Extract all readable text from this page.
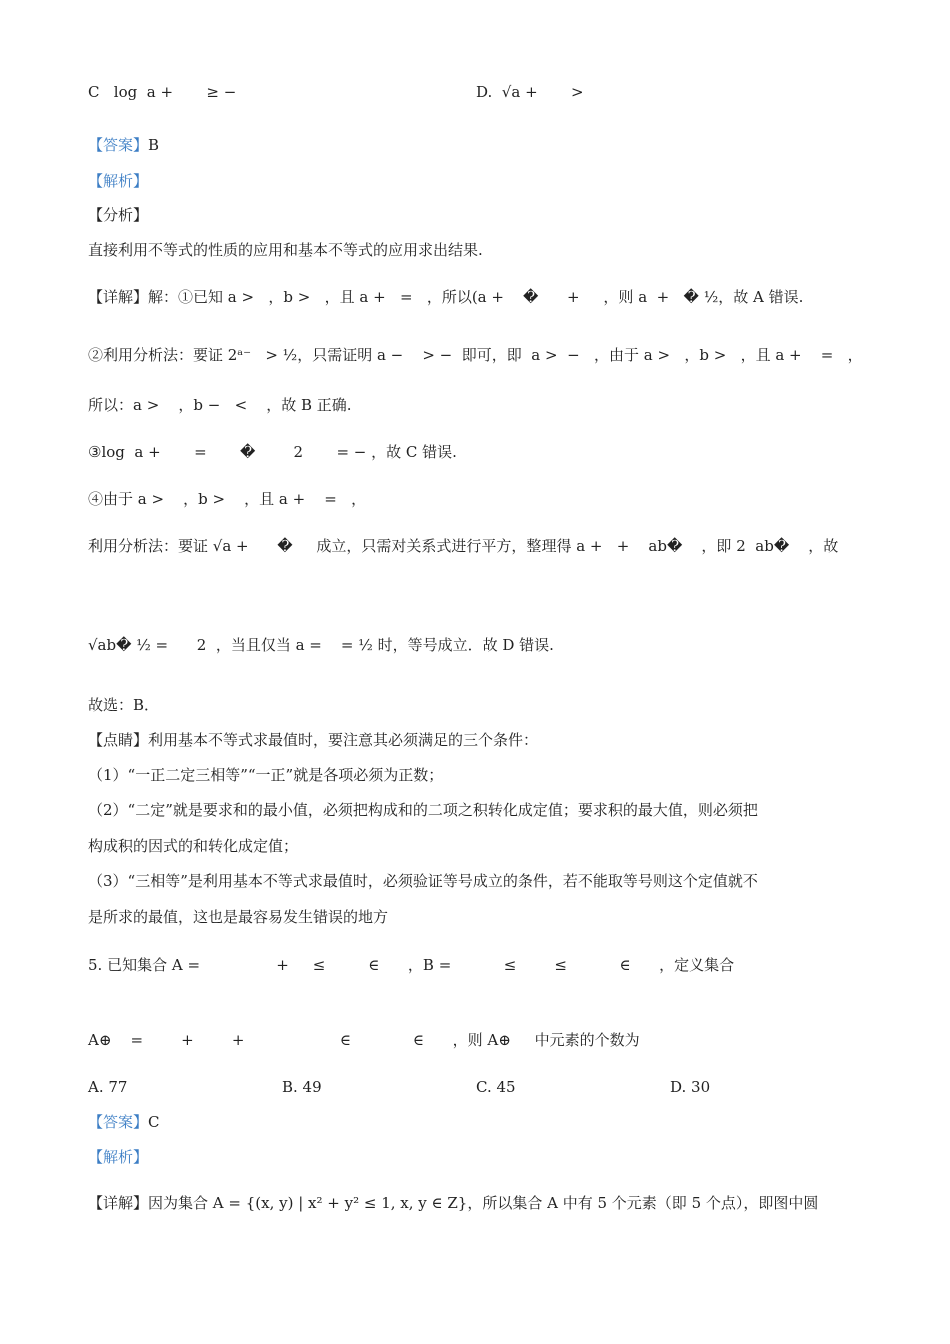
C   log  a +       ≥ −	D.  √a +       >
【答案】B
【解析】
【分析】
直接利用不等式的性质的应用和基本不等式的应用求出结果.
【详解】解：①已知 a >   ，b >   ，且 a +   =   ，所以(a +    �      +     ，则 a  +   � ½，故 A 错误.
②利用分析法：要证 2ᵃ⁻   > ½，只需证明 a −    > −  即可，即  a >  −   ，由于 a >   ，b >   ，且 a +    =   ，
所以：a >    ，b −   <    ，故 B 正确.
③log  a +       =       �        2       = − ，故 C 错误.
④由于 a >    ，b >    ，且 a +    =   ，
利用分析法：要证 √a +      �     成立，只需对关系式进行平方，整理得 a +   +    ab�    ，即 2  ab�    ，故
√ab� ½ =      2  ，当且仅当 a =    = ½ 时，等号成立．故 D 错误.
故选：B．
【点睛】利用基本不等式求最值时，要注意其必须满足的三个条件：
（1）“一正二定三相等”“一正”就是各项必须为正数；
（2）“二定”就是要求和的最小值，必须把构成和的二项之积转化成定值；要求积的最大值，则必须把
构成积的因式的和转化成定值；
（3）“三相等”是利用基本不等式求最值时，必须验证等号成立的条件，若不能取等号则这个定值就不
是所求的最值，这也是最容易发生错误的地方
5. 已知集合 A =                +     ≤         ∈      ，B =           ≤        ≤           ∈      ，定义集合
A⊕    =        +        +                    ∈             ∈      ，则 A⊕     中元素的个数为
A. 77	B. 49	C. 45	D. 30
【答案】C
【解析】
【详解】因为集合 A = {(x, y) | x² + y² ≤ 1, x, y ∈ Z}，所以集合 A 中有 5 个元素（即 5 个点），即图中圆
